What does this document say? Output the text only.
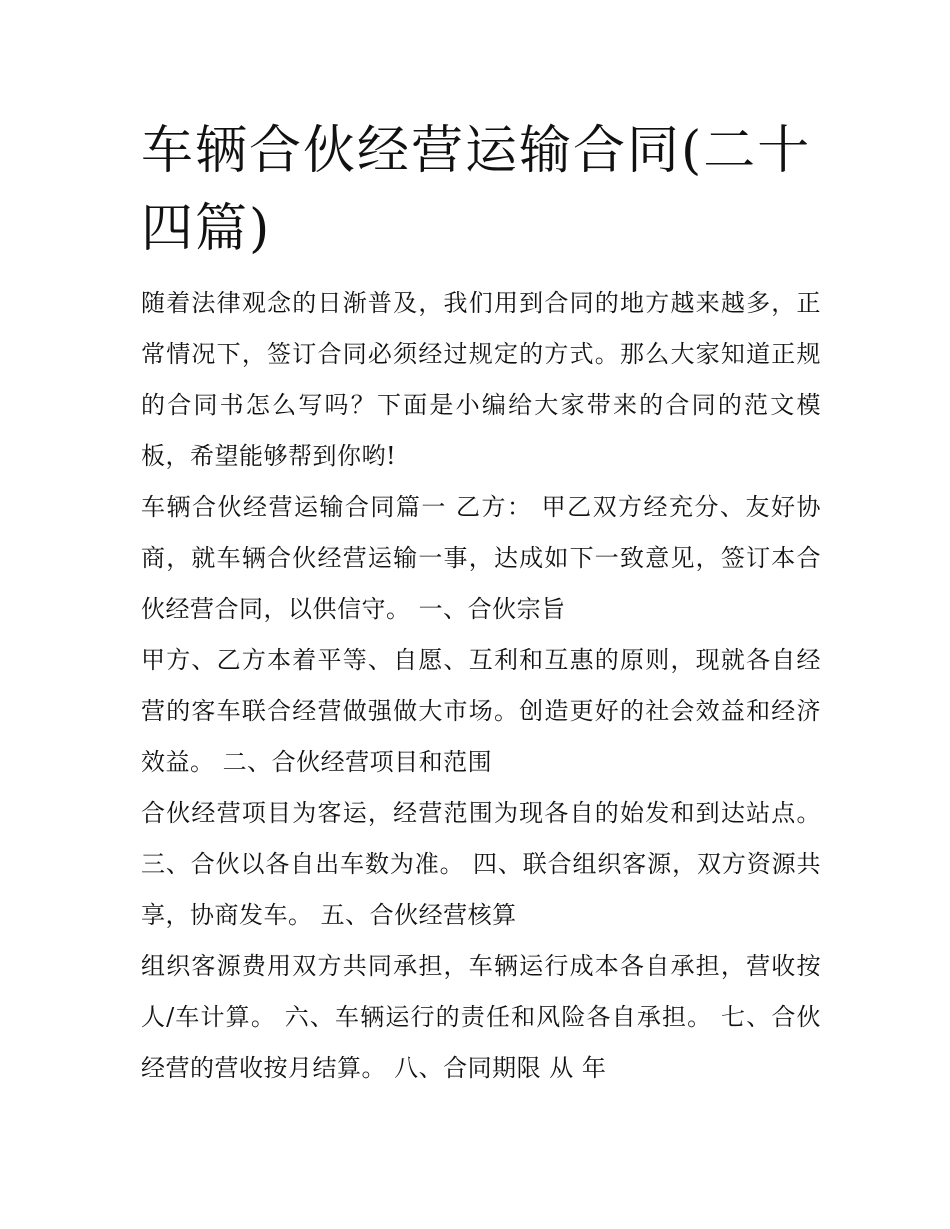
车辆合伙经营运输合同(二十四篇)

随着法律观念的日渐普及，我们用到合同的地方越来越多，正常情况下，签订合同必须经过规定的方式。那么大家知道正规的合同书怎么写吗？下面是小编给大家带来的合同的范文模板，希望能够帮到你哟!

车辆合伙经营运输合同篇一 乙方： 甲乙双方经充分、友好协商，就车辆合伙经营运输一事，达成如下一致意见，签订本合伙经营合同，以供信守。 一、合伙宗旨

甲方、乙方本着平等、自愿、互利和互惠的原则，现就各自经营的客车联合经营做强做大市场。创造更好的社会效益和经济效益。 二、合伙经营项目和范围

合伙经营项目为客运，经营范围为现各自的始发和到达站点。 三、合伙以各自出车数为准。 四、联合组织客源，双方资源共享，协商发车。 五、合伙经营核算

组织客源费用双方共同承担，车辆运行成本各自承担，营收按人/车计算。 六、车辆运行的责任和风险各自承担。 七、合伙经营的营收按月结算。 八、合同期限 从 年
